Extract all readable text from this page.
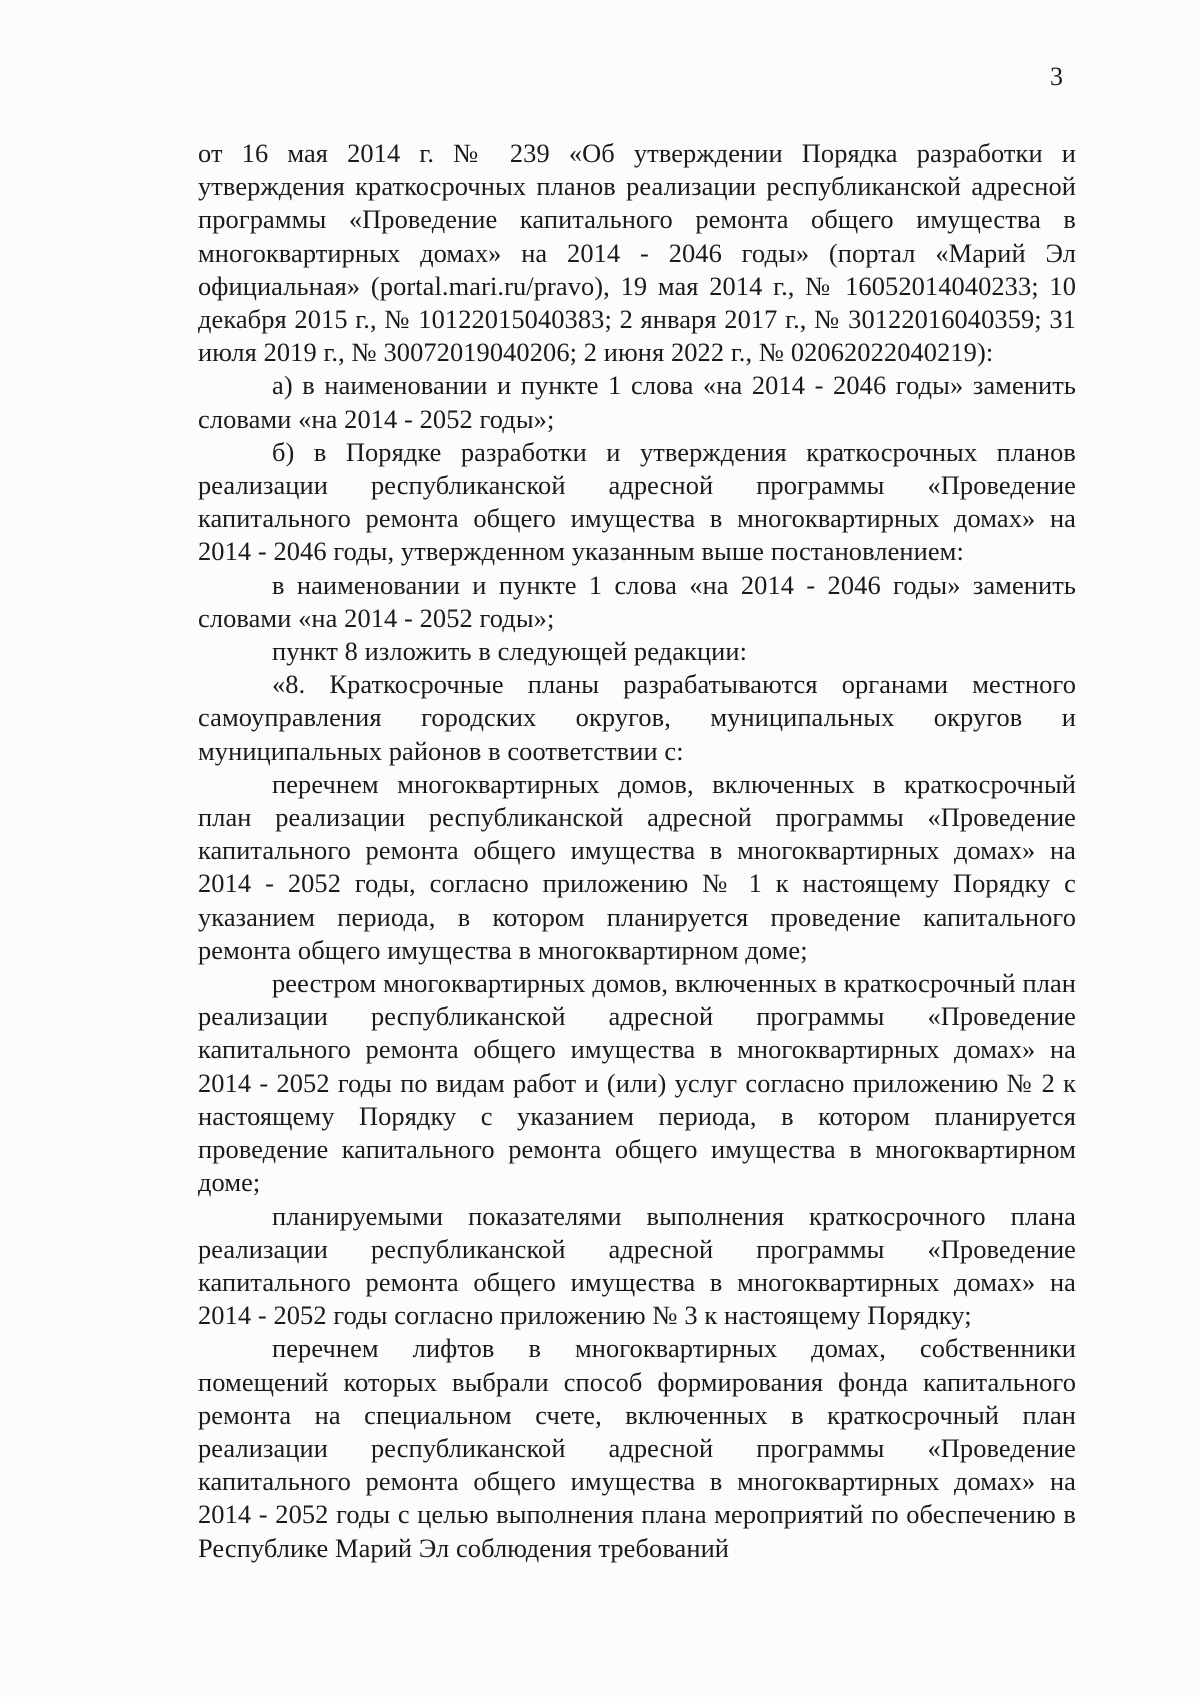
3

от 16 мая 2014 г. № 239 «Об утверждении Порядка разработки и утверждения краткосрочных планов реализации республиканской адресной программы «Проведение капитального ремонта общего имущества в многоквартирных домах» на 2014 - 2046 годы» (портал «Марий Эл официальная» (portal.mari.ru/pravo), 19 мая 2014 г., № 16052014040233; 10 декабря 2015 г., № 10122015040383; 2 января 2017 г., № 30122016040359; 31 июля 2019 г., № 30072019040206; 2 июня 2022 г., № 02062022040219):

а) в наименовании и пункте 1 слова «на 2014 - 2046 годы» заменить словами «на 2014 - 2052 годы»;

б) в Порядке разработки и утверждения краткосрочных планов реализации республиканской адресной программы «Проведение капитального ремонта общего имущества в многоквартирных домах» на 2014 - 2046 годы, утвержденном указанным выше постановлением:

в наименовании и пункте 1 слова «на 2014 - 2046 годы» заменить словами «на 2014 - 2052 годы»;

пункт 8 изложить в следующей редакции:

«8. Краткосрочные планы разрабатываются органами местного самоуправления городских округов, муниципальных округов и муниципальных районов в соответствии с:

перечнем многоквартирных домов, включенных в краткосрочный план реализации республиканской адресной программы «Проведение капитального ремонта общего имущества в многоквартирных домах» на 2014 - 2052 годы, согласно приложению № 1 к настоящему Порядку с указанием периода, в котором планируется проведение капитального ремонта общего имущества в многоквартирном доме;

реестром многоквартирных домов, включенных в краткосрочный план реализации республиканской адресной программы «Проведение капитального ремонта общего имущества в многоквартирных домах» на 2014 - 2052 годы по видам работ и (или) услуг согласно приложению № 2 к настоящему Порядку с указанием периода, в котором планируется проведение капитального ремонта общего имущества в многоквартирном доме;

планируемыми показателями выполнения краткосрочного плана реализации республиканской адресной программы «Проведение капитального ремонта общего имущества в многоквартирных домах» на 2014 - 2052 годы согласно приложению № 3 к настоящему Порядку;

перечнем лифтов в многоквартирных домах, собственники помещений которых выбрали способ формирования фонда капитального ремонта на специальном счете, включенных в краткосрочный план реализации республиканской адресной программы «Проведение капитального ремонта общего имущества в многоквартирных домах» на 2014 - 2052 годы с целью выполнения плана мероприятий по обеспечению в Республике Марий Эл соблюдения требований
